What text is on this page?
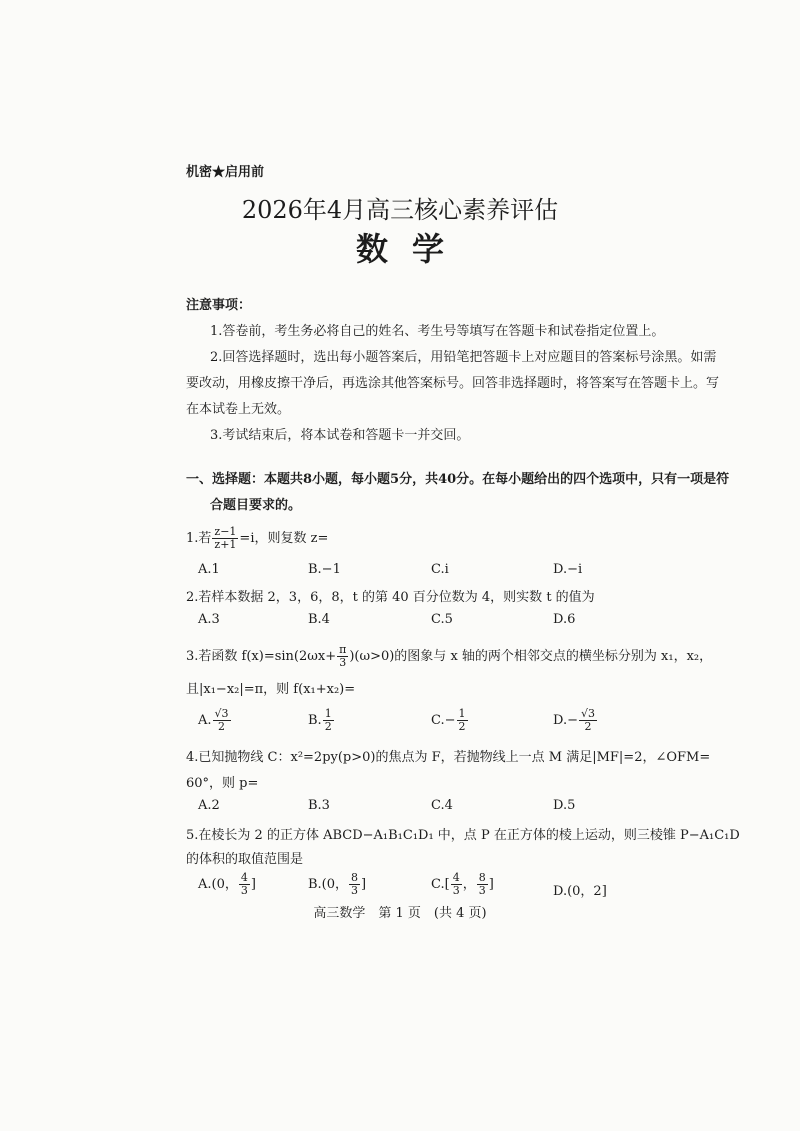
机密★启用前
2026年4月高三核心素养评估
数学
注意事项：
1.答卷前，考生务必将自己的姓名、考生号等填写在答题卡和试卷指定位置上。
2.回答选择题时，选出每小题答案后，用铅笔把答题卡上对应题目的答案标号涂黑。如需
要改动，用橡皮擦干净后，再选涂其他答案标号。回答非选择题时，将答案写在答题卡上。写
在本试卷上无效。
3.考试结束后，将本试卷和答题卡一并交回。
一、选择题：本题共8小题，每小题5分，共40分。在每小题给出的四个选项中，只有一项是符
合题目要求的。
1.若 $\frac{z-1}{z+1} =i$，则复数 z=
A.1	B.−1	C.i	D.−i
2.若样本数据 2，3，6，8，t 的第 40 百分位数为 4，则实数 t 的值为
A.3	B.4	C.5	D.6
3.若函数 $f(x)=\sin(2\omega x+ \frac{\pi}{3} )(\omega>0)$的图象与 x 轴的两个相邻交点的横坐标分别为 x₁，x₂，
且|x₁−x₂|=π，则 f(x₁+x₂)=
A. $\frac{√3}{2}$	B. $\frac{1}{2}$	$C.- \frac{1}{2}$	$D.- \frac{√3}{2}$
4.已知抛物线 C：x²=2py(p>0)的焦点为 F，若抛物线上一点 M 满足|MF|=2，∠OFM=
60°，则 p=
A.2	B.3	C.4	D.5
5.在棱长为 2 的正方体 ABCD−A₁B₁C₁D₁ 中，点 P 在正方体的棱上运动，则三棱锥 P−A₁C₁D
的体积的取值范围是
A.(0， $\frac{4}{3}$ ]	B.(0， $\frac{8}{3}$ ]	$C.[ \frac{4}{3}$ ， $\frac{8}{3}$ ]	D.(0，2]
高三数学　第 1 页　(共 4 页)
